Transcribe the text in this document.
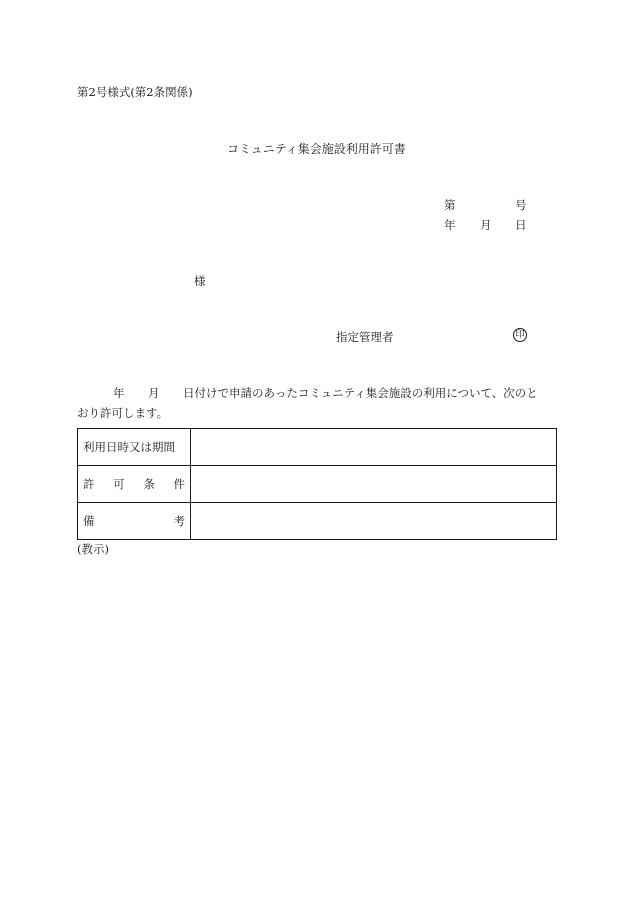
第2号様式(第2条関係)
コミュニティ集会施設利用許可書
第	号
年 月 日
様
指定管理者	印
年 月 日付けで申請のあったコミュニティ集会施設の利用について、次のと
おり許可します。
利用日時又は期間	

許 可 条 件	

備 考	

(教示)
